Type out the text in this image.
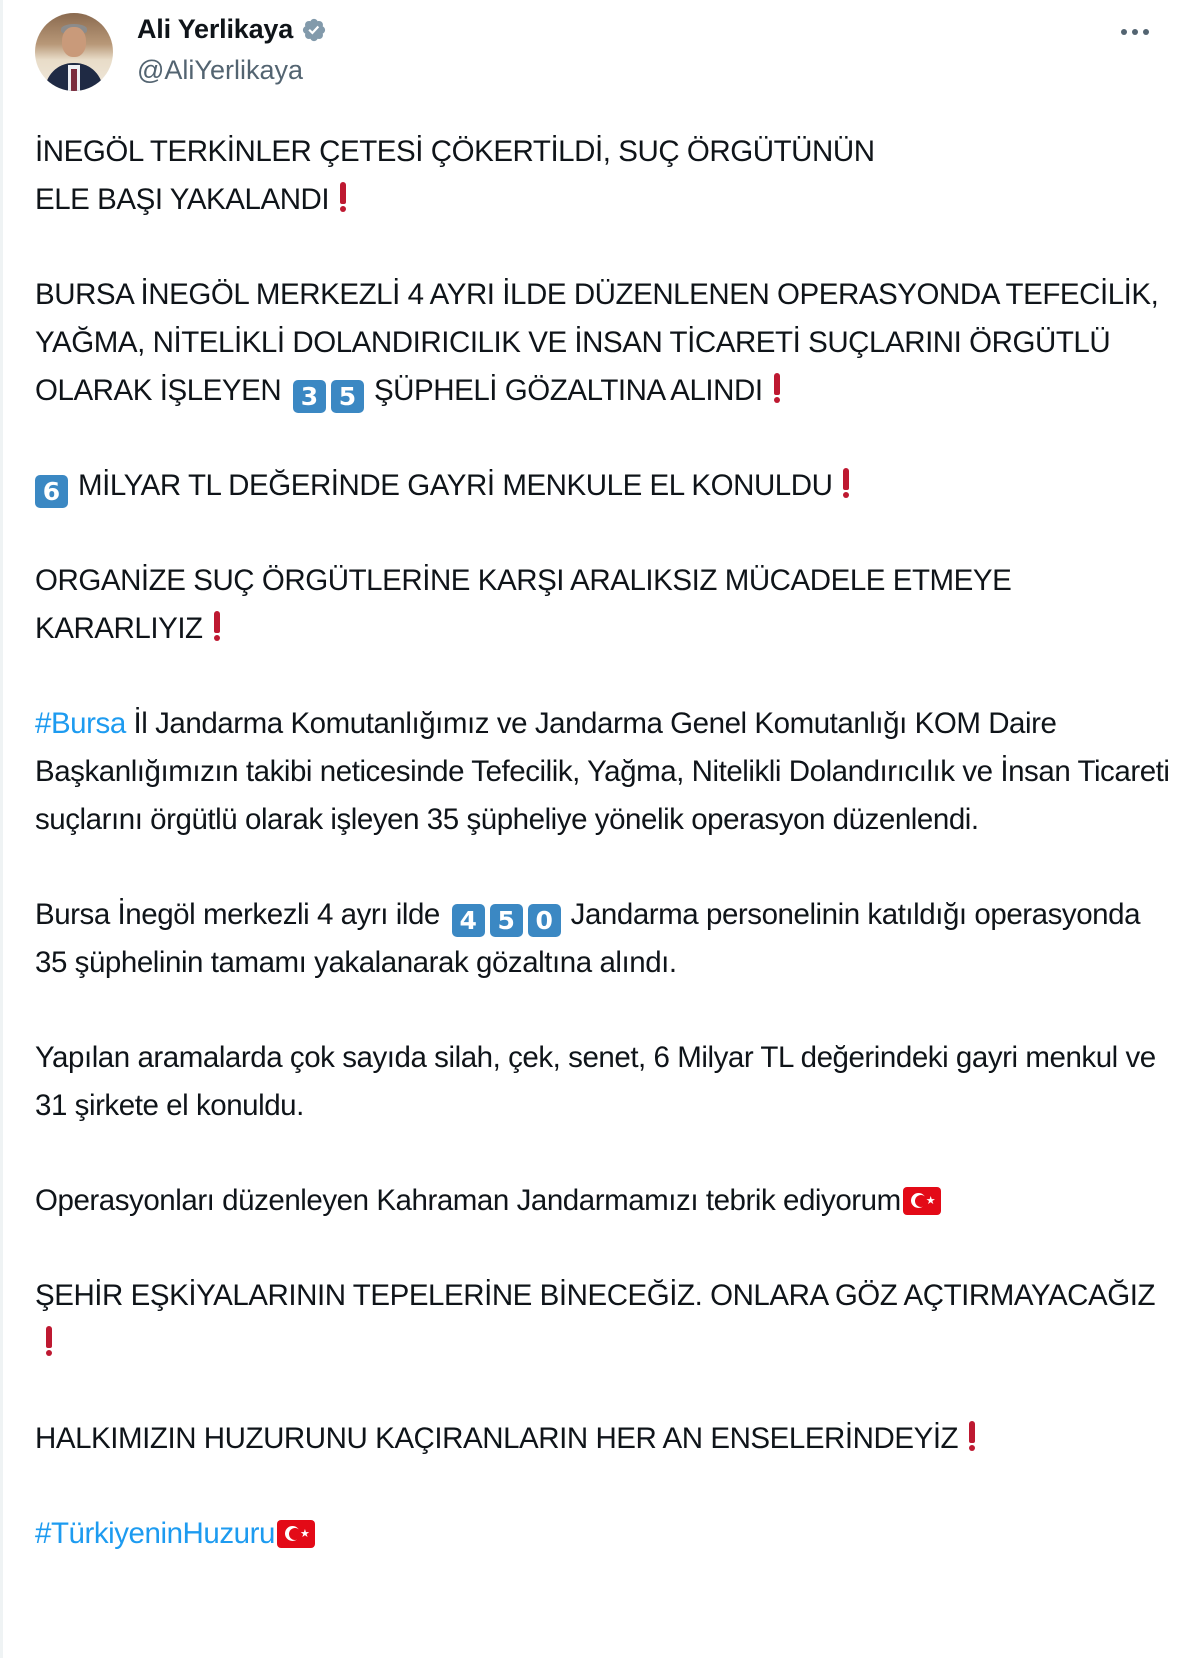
Ali Yerlikaya
@AliYerlikaya

İNEGÖL TERKİNLER ÇETESİ ÇÖKERTİLDİ, SUÇ ÖRGÜTÜNÜN
ELE BAŞI YAKALANDI

BURSA İNEGÖL MERKEZLİ 4 AYRI İLDE DÜZENLENEN OPERASYONDA TEFECİLİK, YAĞMA, NİTELİKLİ DOLANDIRICILIK VE İNSAN TİCARETİ SUÇLARINI ÖRGÜTLÜ OLARAK İŞLEYEN 3 5 ŞÜPHELİ GÖZALTINA ALINDI

6 MİLYAR TL DEĞERİNDE GAYRİ MENKULE EL KONULDU

ORGANİZE SUÇ ÖRGÜTLERİNE KARŞI ARALIKSIZ MÜCADELE ETMEYE KARARLIYIZ

#Bursa İl Jandarma Komutanlığımız ve Jandarma Genel Komutanlığı KOM Daire Başkanlığımızın takibi neticesinde Tefecilik, Yağma, Nitelikli Dolandırıcılık ve İnsan Ticareti suçlarını örgütlü olarak işleyen 35 şüpheliye yönelik operasyon düzenlendi.

Bursa İnegöl merkezli 4 ayrı ilde 4 5 0 Jandarma personelinin katıldığı operasyonda 35 şüphelinin tamamı yakalanarak gözaltına alındı.

Yapılan aramalarda çok sayıda silah, çek, senet, 6 Milyar TL değerindeki gayri menkul ve 31 şirkete el konuldu.

Operasyonları düzenleyen Kahraman Jandarmamızı tebrik ediyorum ★

ŞEHİR EŞKİYALARININ TEPELERİNE BİNECEĞİZ. ONLARA GÖZ AÇTIRMAYACAĞIZ

HALKIMIZIN HUZURUNU KAÇIRANLARIN HER AN ENSELERİNDEYİZ

#TürkiyeninHuzuru ★
